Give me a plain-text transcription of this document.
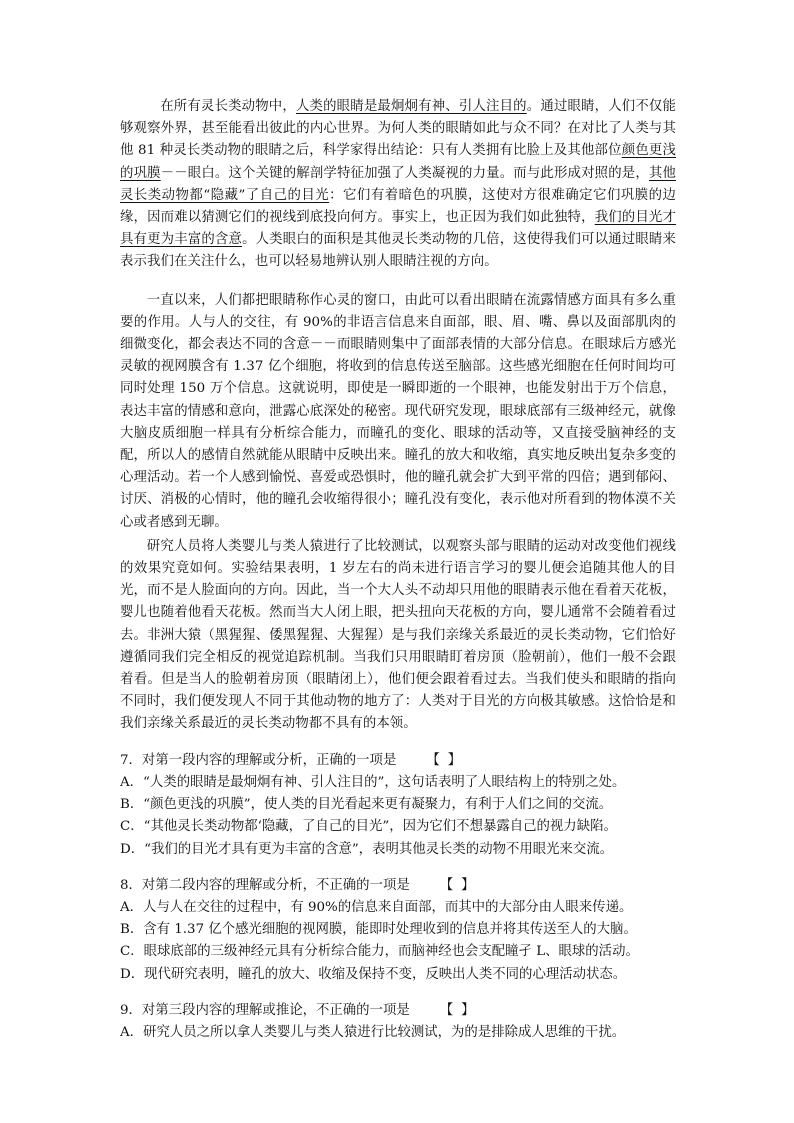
在所有灵长类动物中，人类的眼睛是最炯炯有神、引人注目的。通过眼睛，人们不仅能够观察外界，甚至能看出彼此的内心世界。为何人类的眼睛如此与众不同？在对比了人类与其他 81 种灵长类动物的眼睛之后，科学家得出结论：只有人类拥有比脸上及其他部位颜色更浅的巩膜－－眼白。这个关键的解剖学特征加强了人类凝视的力量。而与此形成对照的是，其他灵长类动物都“隐藏”了自己的目光：它们有着暗色的巩膜，这使对方很难确定它们巩膜的边缘，因而难以猜测它们的视线到底投向何方。事实上，也正因为我们如此独特，我们的目光才具有更为丰富的含意。人类眼白的面积是其他灵长类动物的几倍，这使得我们可以通过眼睛来表示我们在关注什么，也可以轻易地辨认别人眼睛注视的方向。

一直以来，人们都把眼睛称作心灵的窗口，由此可以看出眼睛在流露情感方面具有多么重要的作用。人与人的交往，有 90%的非语言信息来自面部，眼、眉、嘴、鼻以及面部肌肉的细微变化，都会表达不同的含意－－而眼睛则集中了面部表情的大部分信息。在眼球后方感光灵敏的视网膜含有 1.37 亿个细胞，将收到的信息传送至脑部。这些感光细胞在任何时间均可同时处理 150 万个信息。这就说明，即使是一瞬即逝的一个眼神，也能发射出于万个信息，表达丰富的情感和意向，泄露心底深处的秘密。现代研究发现，眼球底部有三级神经元，就像大脑皮质细胞一样具有分析综合能力，而瞳孔的变化、眼球的活动等，又直接受脑神经的支配，所以人的感情自然就能从眼睛中反映出来。瞳孔的放大和收缩，真实地反映出复杂多变的心理活动。若一个人感到愉悦、喜爱或恐惧时，他的瞳孔就会扩大到平常的四倍；遇到郁闷、讨厌、消极的心情时，他的瞳孔会收缩得很小；瞳孔没有变化，表示他对所看到的物体漠不关心或者感到无聊。

研究人员将人类婴儿与类人猿进行了比较测试，以观察头部与眼睛的运动对改变他们视线的效果究竟如何。实验结果表明，1 岁左右的尚未进行语言学习的婴儿便会追随其他人的目光，而不是人脸面向的方向。因此，当一个大人头不动却只用他的眼睛表示他在看着天花板，婴儿也随着他看天花板。然而当大人闭上眼，把头扭向天花板的方向，婴儿通常不会随着看过去。非洲大猿（黑猩猩、倭黑猩猩、大猩猩）是与我们亲缘关系最近的灵长类动物，它们恰好遵循同我们完全相反的视觉追踪机制。当我们只用眼睛盯着房顶（脸朝前），他们一般不会跟着看。但是当人的脸朝着房顶（眼睛闭上），他们便会跟着看过去。当我们使头和眼睛的指向不同时，我们便发现人不同于其他动物的地方了：人类对于目光的方向极其敏感。这恰恰是和我们亲缘关系最近的灵长类动物都不具有的本领。

7．对第一段内容的理解或分析，正确的一项是 【】

A．“人类的眼睛是最炯炯有神、引人注目的”，这句话表明了人眼结构上的特别之处。

B．“颜色更浅的巩膜”，使人类的目光看起来更有凝聚力，有利于人们之间的交流。

C．“其他灵长类动物都‘隐藏，了自己的目光”，因为它们不想暴露自己的视力缺陷。

D．“我们的目光才具有更为丰富的含意”，表明其他灵长类的动物不用眼光来交流。

8．对第二段内容的理解或分析，不正确的一项是 【】

A．人与人在交往的过程中，有 90%的信息来自面部，而其中的大部分由人眼来传递。

B．含有 1.37 亿个感光细胞的视网膜，能即时处理收到的信息并将其传送至人的大脑。

C．眼球底部的三级神经元具有分析综合能力，而脑神经也会支配瞳孑 L、眼球的活动。

D．现代研究表明，瞳孔的放大、收缩及保持不变，反映出人类不同的心理活动状态。

9．对第三段内容的理解或推论，不正确的一项是 【】

A．研究人员之所以拿人类婴儿与类人猿进行比较测试，为的是排除成人思维的干扰。
